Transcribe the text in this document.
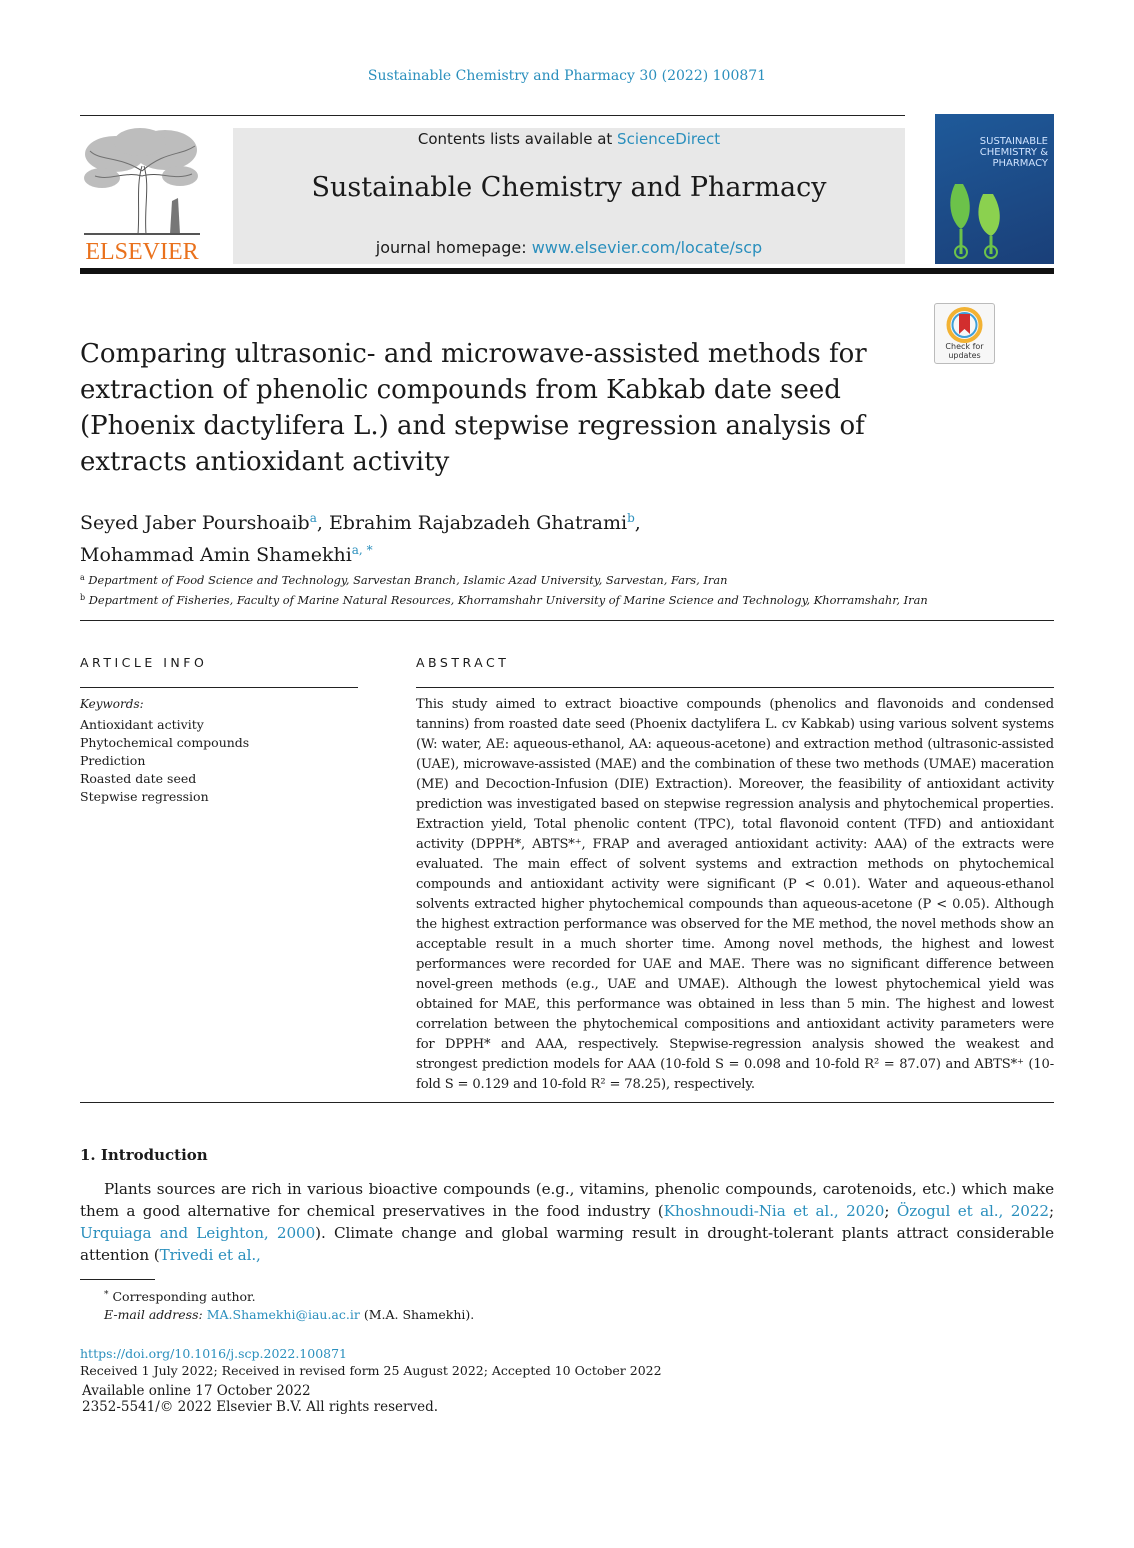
Sustainable Chemistry and Pharmacy 30 (2022) 100871
ELSEVIER
Contents lists available at ScienceDirect
Sustainable Chemistry and Pharmacy
journal homepage: www.elsevier.com/locate/scp
SUSTAINABLE CHEMISTRY & PHARMACY
Check for updates
Comparing ultrasonic- and microwave-assisted methods for extraction of phenolic compounds from Kabkab date seed (Phoenix dactylifera L.) and stepwise regression analysis of extracts antioxidant activity
Seyed Jaber Pourshoaib$^a$, Ebrahim Rajabzadeh Ghatrami$^b$,
Mohammad Amin Shamekhi$^{a, *}$
$^a$ Department of Food Science and Technology, Sarvestan Branch, Islamic Azad University, Sarvestan, Fars, Iran
$^b$ Department of Fisheries, Faculty of Marine Natural Resources, Khorramshahr University of Marine Science and Technology, Khorramshahr, Iran
ARTICLE INFO
Keywords:
Antioxidant activity
Phytochemical compounds
Prediction
Roasted date seed
Stepwise regression
ABSTRACT
This study aimed to extract bioactive compounds (phenolics and flavonoids and condensed tannins) from roasted date seed (Phoenix dactylifera L. cv Kabkab) using various solvent systems (W: water, AE: aqueous-ethanol, AA: aqueous-acetone) and extraction method (ultrasonic-assisted (UAE), microwave-assisted (MAE) and the combination of these two methods (UMAE) maceration (ME) and Decoction-Infusion (DIE) Extraction). Moreover, the feasibility of antioxidant activity prediction was investigated based on stepwise regression analysis and phytochemical properties. Extraction yield, Total phenolic content (TPC), total flavonoid content (TFD) and antioxidant activity (DPPH*, ABTS*⁺, FRAP and averaged antioxidant activity: AAA) of the extracts were evaluated. The main effect of solvent systems and extraction methods on phytochemical compounds and antioxidant activity were significant (P < 0.01). Water and aqueous-ethanol solvents extracted higher phytochemical compounds than aqueous-acetone (P < 0.05). Although the highest extraction performance was observed for the ME method, the novel methods show an acceptable result in a much shorter time. Among novel methods, the highest and lowest performances were recorded for UAE and MAE. There was no significant difference between novel-green methods (e.g., UAE and UMAE). Although the lowest phytochemical yield was obtained for MAE, this performance was obtained in less than 5 min. The highest and lowest correlation between the phytochemical compositions and antioxidant activity parameters were for DPPH* and AAA, respectively. Stepwise-regression analysis showed the weakest and strongest prediction models for AAA (10-fold S = 0.098 and 10-fold R² = 87.07) and ABTS*⁺ (10-fold S = 0.129 and 10-fold R² = 78.25), respectively.
1. Introduction
Plants sources are rich in various bioactive compounds (e.g., vitamins, phenolic compounds, carotenoids, etc.) which make them a good alternative for chemical preservatives in the food industry (Khoshnoudi-Nia et al., 2020; Özogul et al., 2022; Urquiaga and Leighton, 2000). Climate change and global warming result in drought-tolerant plants attract considerable attention (Trivedi et al.,
* Corresponding author.
E-mail address: MA.Shamekhi@iau.ac.ir (M.A. Shamekhi).
https://doi.org/10.1016/j.scp.2022.100871
Received 1 July 2022; Received in revised form 25 August 2022; Accepted 10 October 2022
Available online 17 October 2022
2352-5541/© 2022 Elsevier B.V. All rights reserved.
